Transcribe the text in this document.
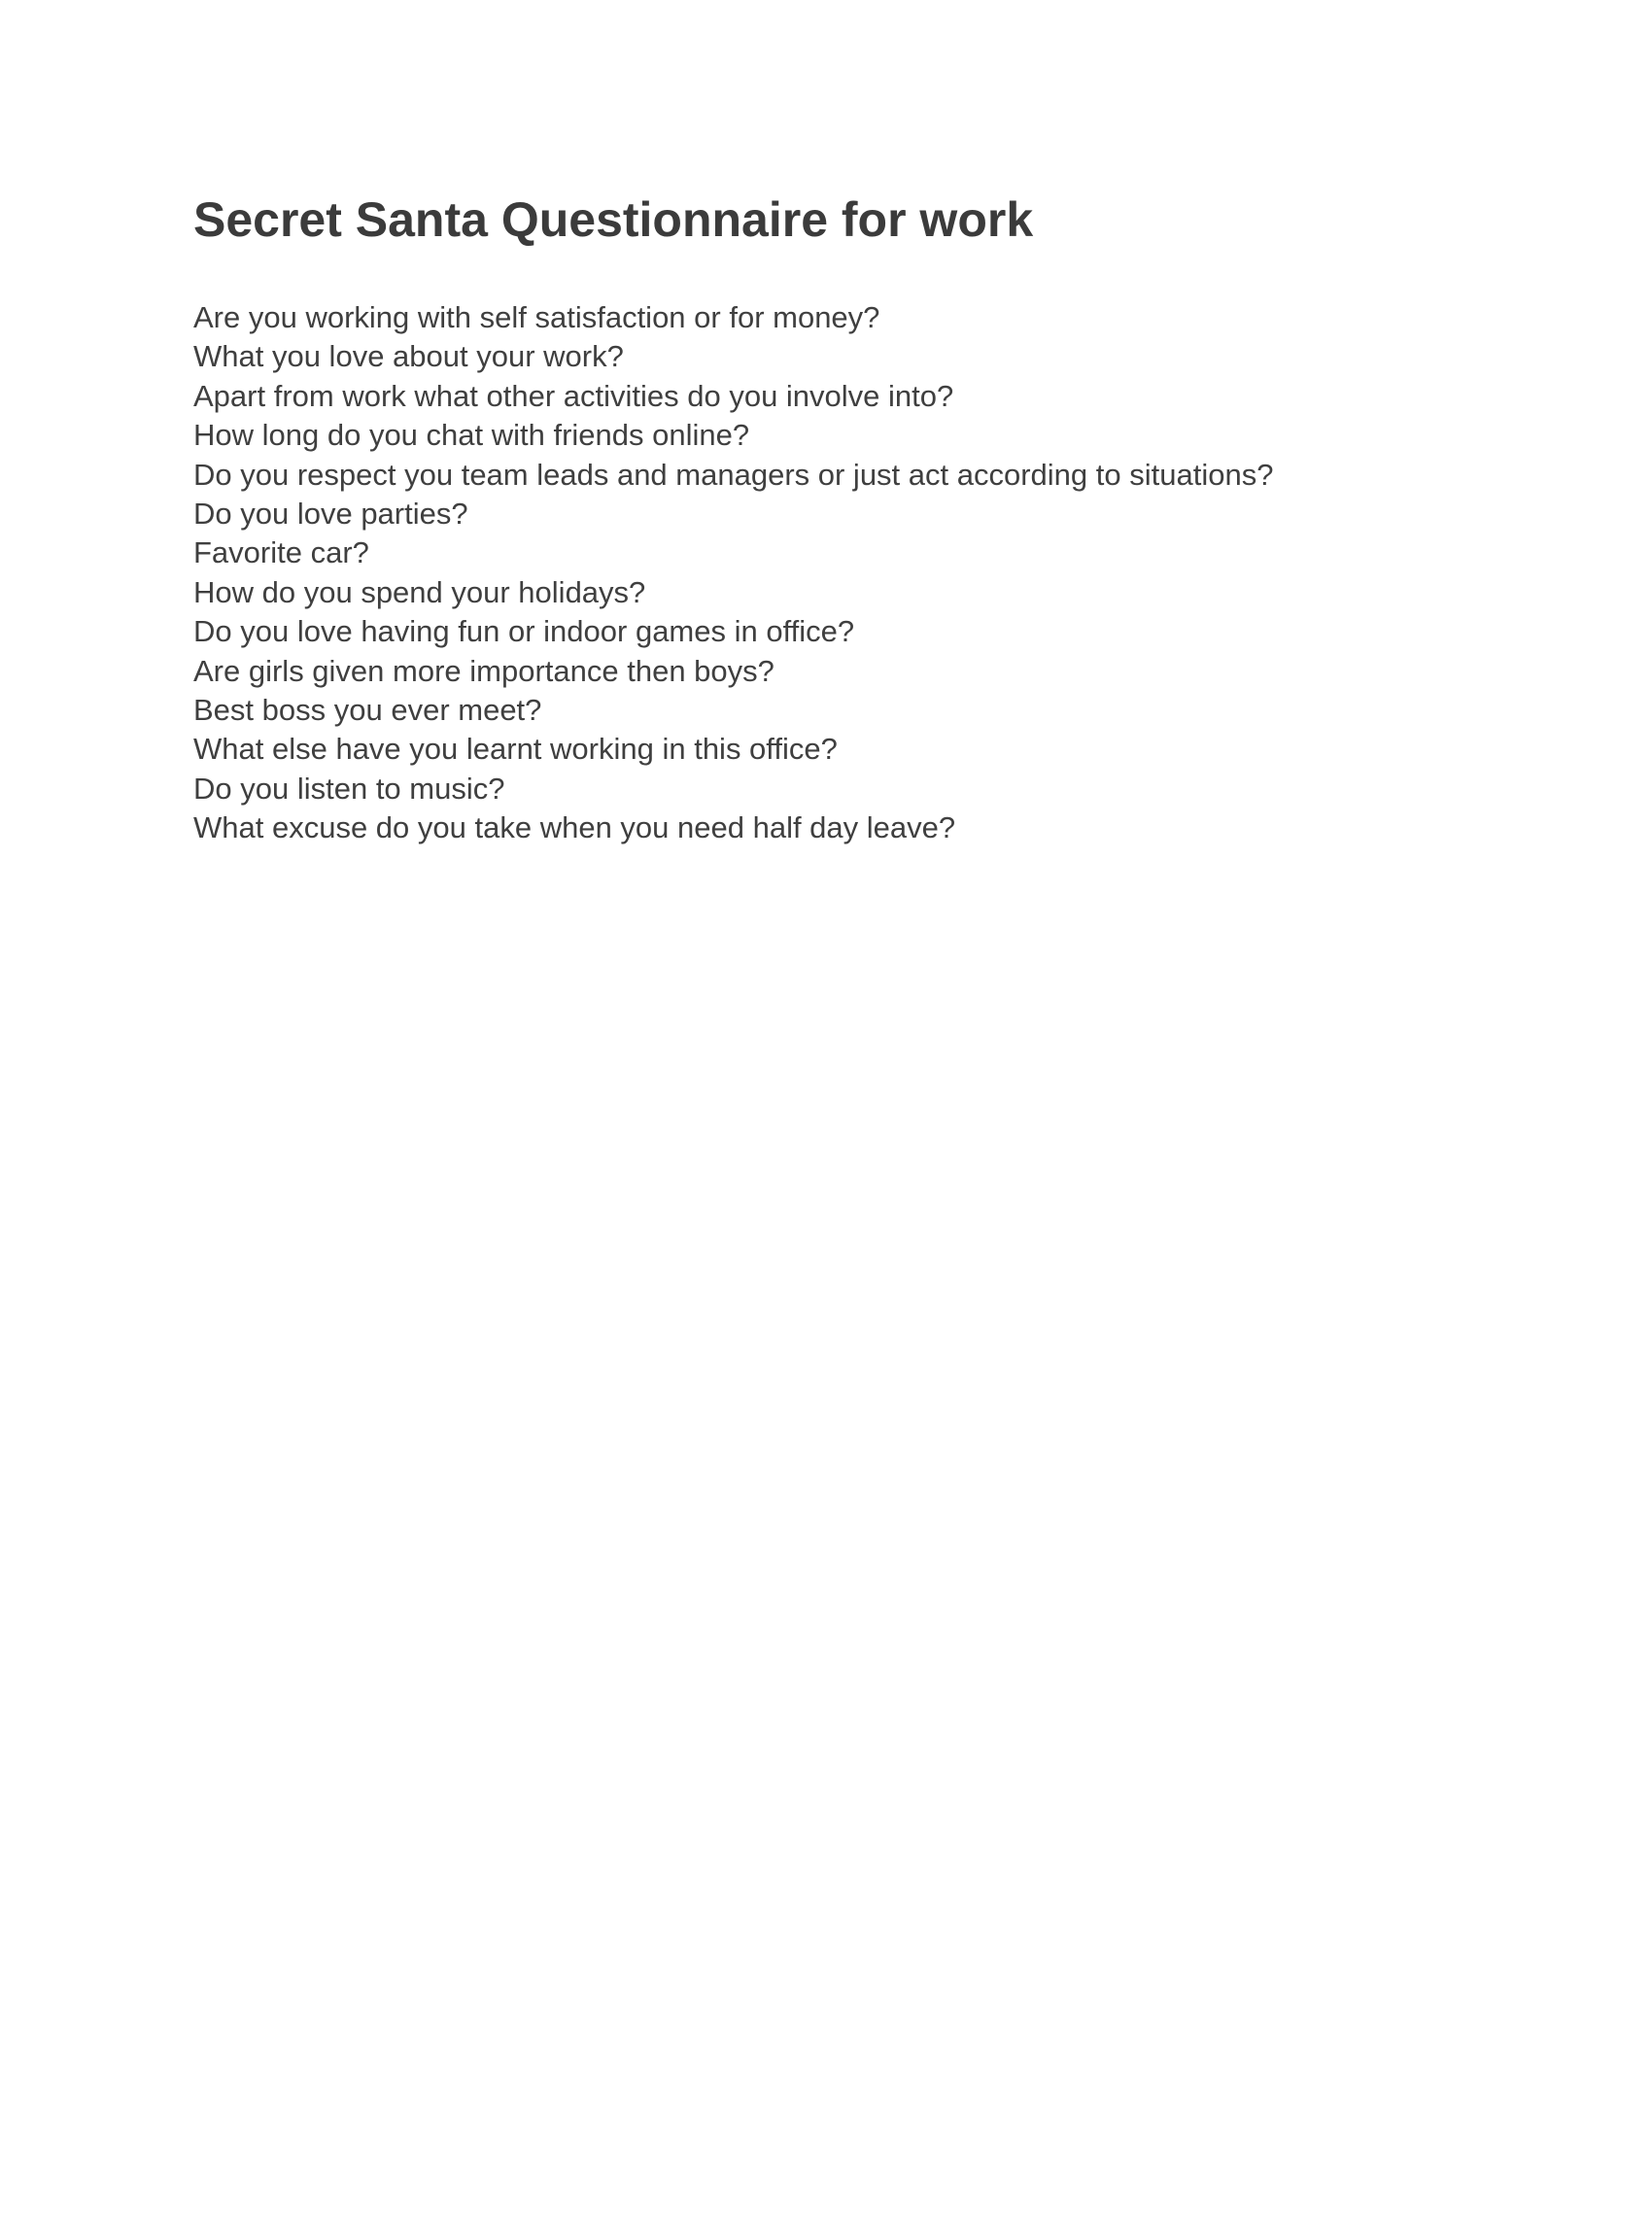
Secret Santa Questionnaire for work
Are you working with self satisfaction or for money?
What you love about your work?
Apart from work what other activities do you involve into?
How long do you chat with friends online?
Do you respect you team leads and managers or just act according to situations?
Do you love parties?
Favorite car?
How do you spend your holidays?
Do you love having fun or indoor games in office?
Are girls given more importance then boys?
Best boss you ever meet?
What else have you learnt working in this office?
Do you listen to music?
What excuse do you take when you need half day leave?
